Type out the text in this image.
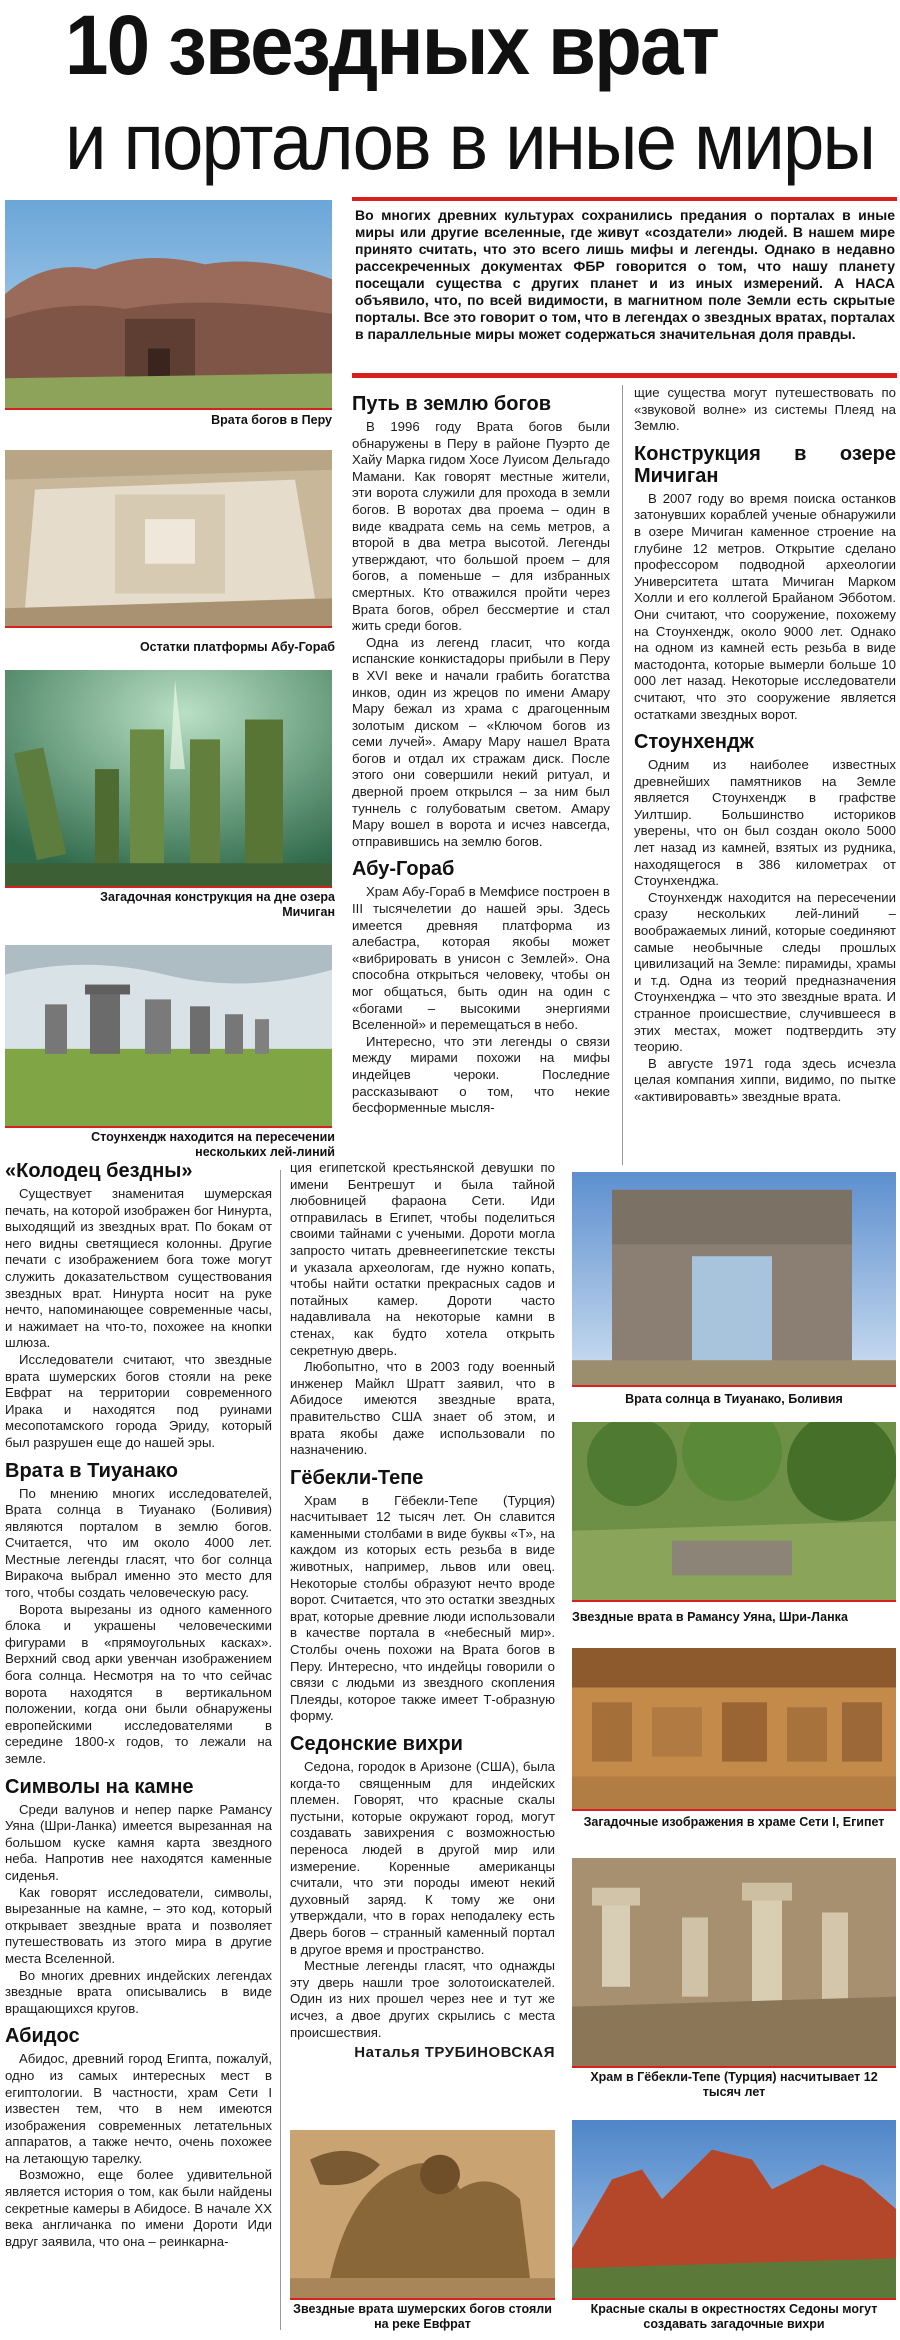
10 звездных врат
и порталов в иные миры
Во многих древних культурах сохранились предания о порталах в иные миры или другие вселенные, где живут «создатели» людей. В нашем мире принято считать, что это всего лишь мифы и легенды. Однако в недавно рассекреченных документах ФБР говорится о том, что нашу планету посещали существа с других планет и из иных измерений. А НАСА объявило, что, по всей видимости, в магнитном поле Земли есть скрытые порталы. Все это говорит о том, что в легендах о звездных вратах, порталах в параллельные миры может содержаться значительная доля правды.
Врата богов в Перу
Остатки платформы Абу-Гораб
Загадочная конструкция на дне озера Мичиган
Стоунхендж находится на пересечении нескольких лей-линий
Путь в землю богов

В 1996 году Врата богов были обнаружены в Перу в районе Пуэрто де Хайу Марка гидом Хосе Луисом Дельгадо Мамани. Как говорят местные жители, эти ворота служили для прохода в земли богов. В воротах два проема – один в виде квадрата семь на семь метров, а второй в два метра высотой. Легенды утверждают, что большой проем – для богов, а поменьше – для избранных смертных. Кто отважился пройти через Врата богов, обрел бессмертие и стал жить среди богов.

Одна из легенд гласит, что когда испанские конкистадоры прибыли в Перу в XVI веке и начали грабить богатства инков, один из жрецов по имени Амару Мару бежал из храма с драгоценным золотым диском – «Ключом богов из семи лучей». Амару Мару нашел Врата богов и отдал их стражам диск. После этого они совершили некий ритуал, и дверной проем открылся – за ним был туннель с голубоватым светом. Амару Мару вошел в ворота и исчез навсегда, отправившись на землю богов.

Абу-Гораб

Храм Абу-Гораб в Мемфисе построен в III тысячелетии до нашей эры. Здесь имеется древняя платформа из алебастра, которая якобы может «вибрировать в унисон с Землей». Она способна открыться человеку, чтобы он мог общаться, быть один на один с «богами – высокими энергиями Вселенной» и перемещаться в небо.

Интересно, что эти легенды о связи между мирами похожи на мифы индейцев чероки. Последние рассказывают о том, что некие бесформенные мысля-

щие существа могут путешествовать по «звуковой волне» из системы Плеяд на Землю.

Конструкция в озере Мичиган

В 2007 году во время поиска останков затонувших кораблей ученые обнаружили в озере Мичиган каменное строение на глубине 12 метров. Открытие сделано профессором подводной археологии Университета штата Мичиган Марком Холли и его коллегой Брайаном Эбботом. Они считают, что сооружение, похожему на Стоунхендж, около 9000 лет. Однако на одном из камней есть резьба в виде мастодонта, которые вымерли больше 10 000 лет назад. Некоторые исследователи считают, что это сооружение является остатками звездных ворот.

Стоунхендж

Одним из наиболее известных древнейших памятников на Земле является Стоунхендж в графстве Уилтшир. Большинство историков уверены, что он был создан около 5000 лет назад из камней, взятых из рудника, находящегося в 386 километрах от Стоунхенджа.

Стоунхендж находится на пересечении сразу нескольких лей-линий – воображаемых линий, которые соединяют самые необычные следы прошлых цивилизаций на Земле: пирамиды, храмы и т.д. Одна из теорий предназначения Стоунхенджа – что это звездные врата. И странное происшествие, случившееся в этих местах, может подтвердить эту теорию.

В августе 1971 года здесь исчезла целая компания хиппи, видимо, по пытке «активировавть» звездные врата.

«Колодец бездны»

Существует знаменитая шумерская печать, на которой изображен бог Нинурта, выходящий из звездных врат. По бокам от него видны светящиеся колонны. Другие печати с изображением бога тоже могут служить доказательством существования звездных врат. Нинурта носит на руке нечто, напоминающее современные часы, и нажимает на что-то, похожее на кнопки шлюза.

Исследователи считают, что звездные врата шумерских богов стояли на реке Евфрат на территории современного Ирака и находятся под руинами месопотамского города Эриду, который был разрушен еще до нашей эры.

Врата в Тиуанако

По мнению многих исследователей, Врата солнца в Тиуанако (Боливия) являются порталом в землю богов. Считается, что им около 4000 лет. Местные легенды гласят, что бог солнца Виракоча выбрал именно это место для того, чтобы создать человеческую расу.

Ворота вырезаны из одного каменного блока и украшены человеческими фигурами в «прямоугольных касках». Верхний свод арки увенчан изображением бога солнца. Несмотря на то что сейчас ворота находятся в вертикальном положении, когда они были обнаружены европейскими исследователями в середине 1800-х годов, то лежали на земле.

Символы на камне

Среди валунов и непер парке Рамансу Уяна (Шри-Ланка) имеется вырезанная на большом куске камня карта звездного неба. Напротив нее находятся каменные сиденья.

Как говорят исследователи, символы, вырезанные на камне, – это код, который открывает звездные врата и позволяет путешествовать из этого мира в другие места Вселенной.

Во многих древних индейских легендах звездные врата описывались в виде вращающихся кругов.

Абидос

Абидос, древний город Египта, пожалуй, одно из самых интересных мест в египтологии. В частности, храм Сети I известен тем, что в нем имеются изображения современных летательных аппаратов, а также нечто, очень похожее на летающую тарелку.

Возможно, еще более удивительной является история о том, как были найдены секретные камеры в Абидосе. В начале XX века англичанка по имени Дороти Иди вдруг заявила, что она – реинкарна-

ция египетской крестьянской девушки по имени Бентрешут и была тайной любовницей фараона Сети. Иди отправилась в Египет, чтобы поделиться своими тайнами с учеными. Дороти могла запросто читать древнеегипетские тексты и указала археологам, где нужно копать, чтобы найти остатки прекрасных садов и потайных камер. Дороти часто надавливала на некоторые камни в стенах, как будто хотела открыть секретную дверь.

Любопытно, что в 2003 году военный инженер Майкл Шратт заявил, что в Абидосе имеются звездные врата, правительство США знает об этом, и врата якобы даже использовали по назначению.

Гёбекли-Тепе

Храм в Гёбекли-Тепе (Турция) насчитывает 12 тысяч лет. Он славится каменными столбами в виде буквы «Т», на каждом из которых есть резьба в виде животных, например, львов или овец. Некоторые столбы образуют нечто вроде ворот. Считается, что это остатки звездных врат, которые древние люди использовали в качестве портала в «небесный мир». Столбы очень похожи на Врата богов в Перу. Интересно, что индейцы говорили о связи с людьми из звездного скопления Плеяды, которое также имеет Т-образную форму.

Седонские вихри

Седона, городок в Аризоне (США), была когда-то священным для индейских племен. Говорят, что красные скалы пустыни, которые окружают город, могут создавать завихрения с возможностью переноса людей в другой мир или измерение. Коренные американцы считали, что эти породы имеют некий духовный заряд. К тому же они утверждали, что в горах неподалеку есть Дверь богов – странный каменный портал в другое время и пространство.

Местные легенды гласят, что однажды эту дверь нашли трое золотоискателей. Один из них прошел через нее и тут же исчез, а двое других скрылись с места происшествия.

Наталья ТРУБИНОВСКАЯ
Звездные врата шумерских богов стояли на реке Евфрат
Врата солнца в Тиуанако, Боливия
Звездные врата в Рамансу Уяна, Шри-Ланка
Загадочные изображения в храме Сети I, Египет
Храм в Гёбекли-Тепе (Турция) насчитывает 12 тысяч лет
Красные скалы в окрестностях Седоны могут создавать загадочные вихри
